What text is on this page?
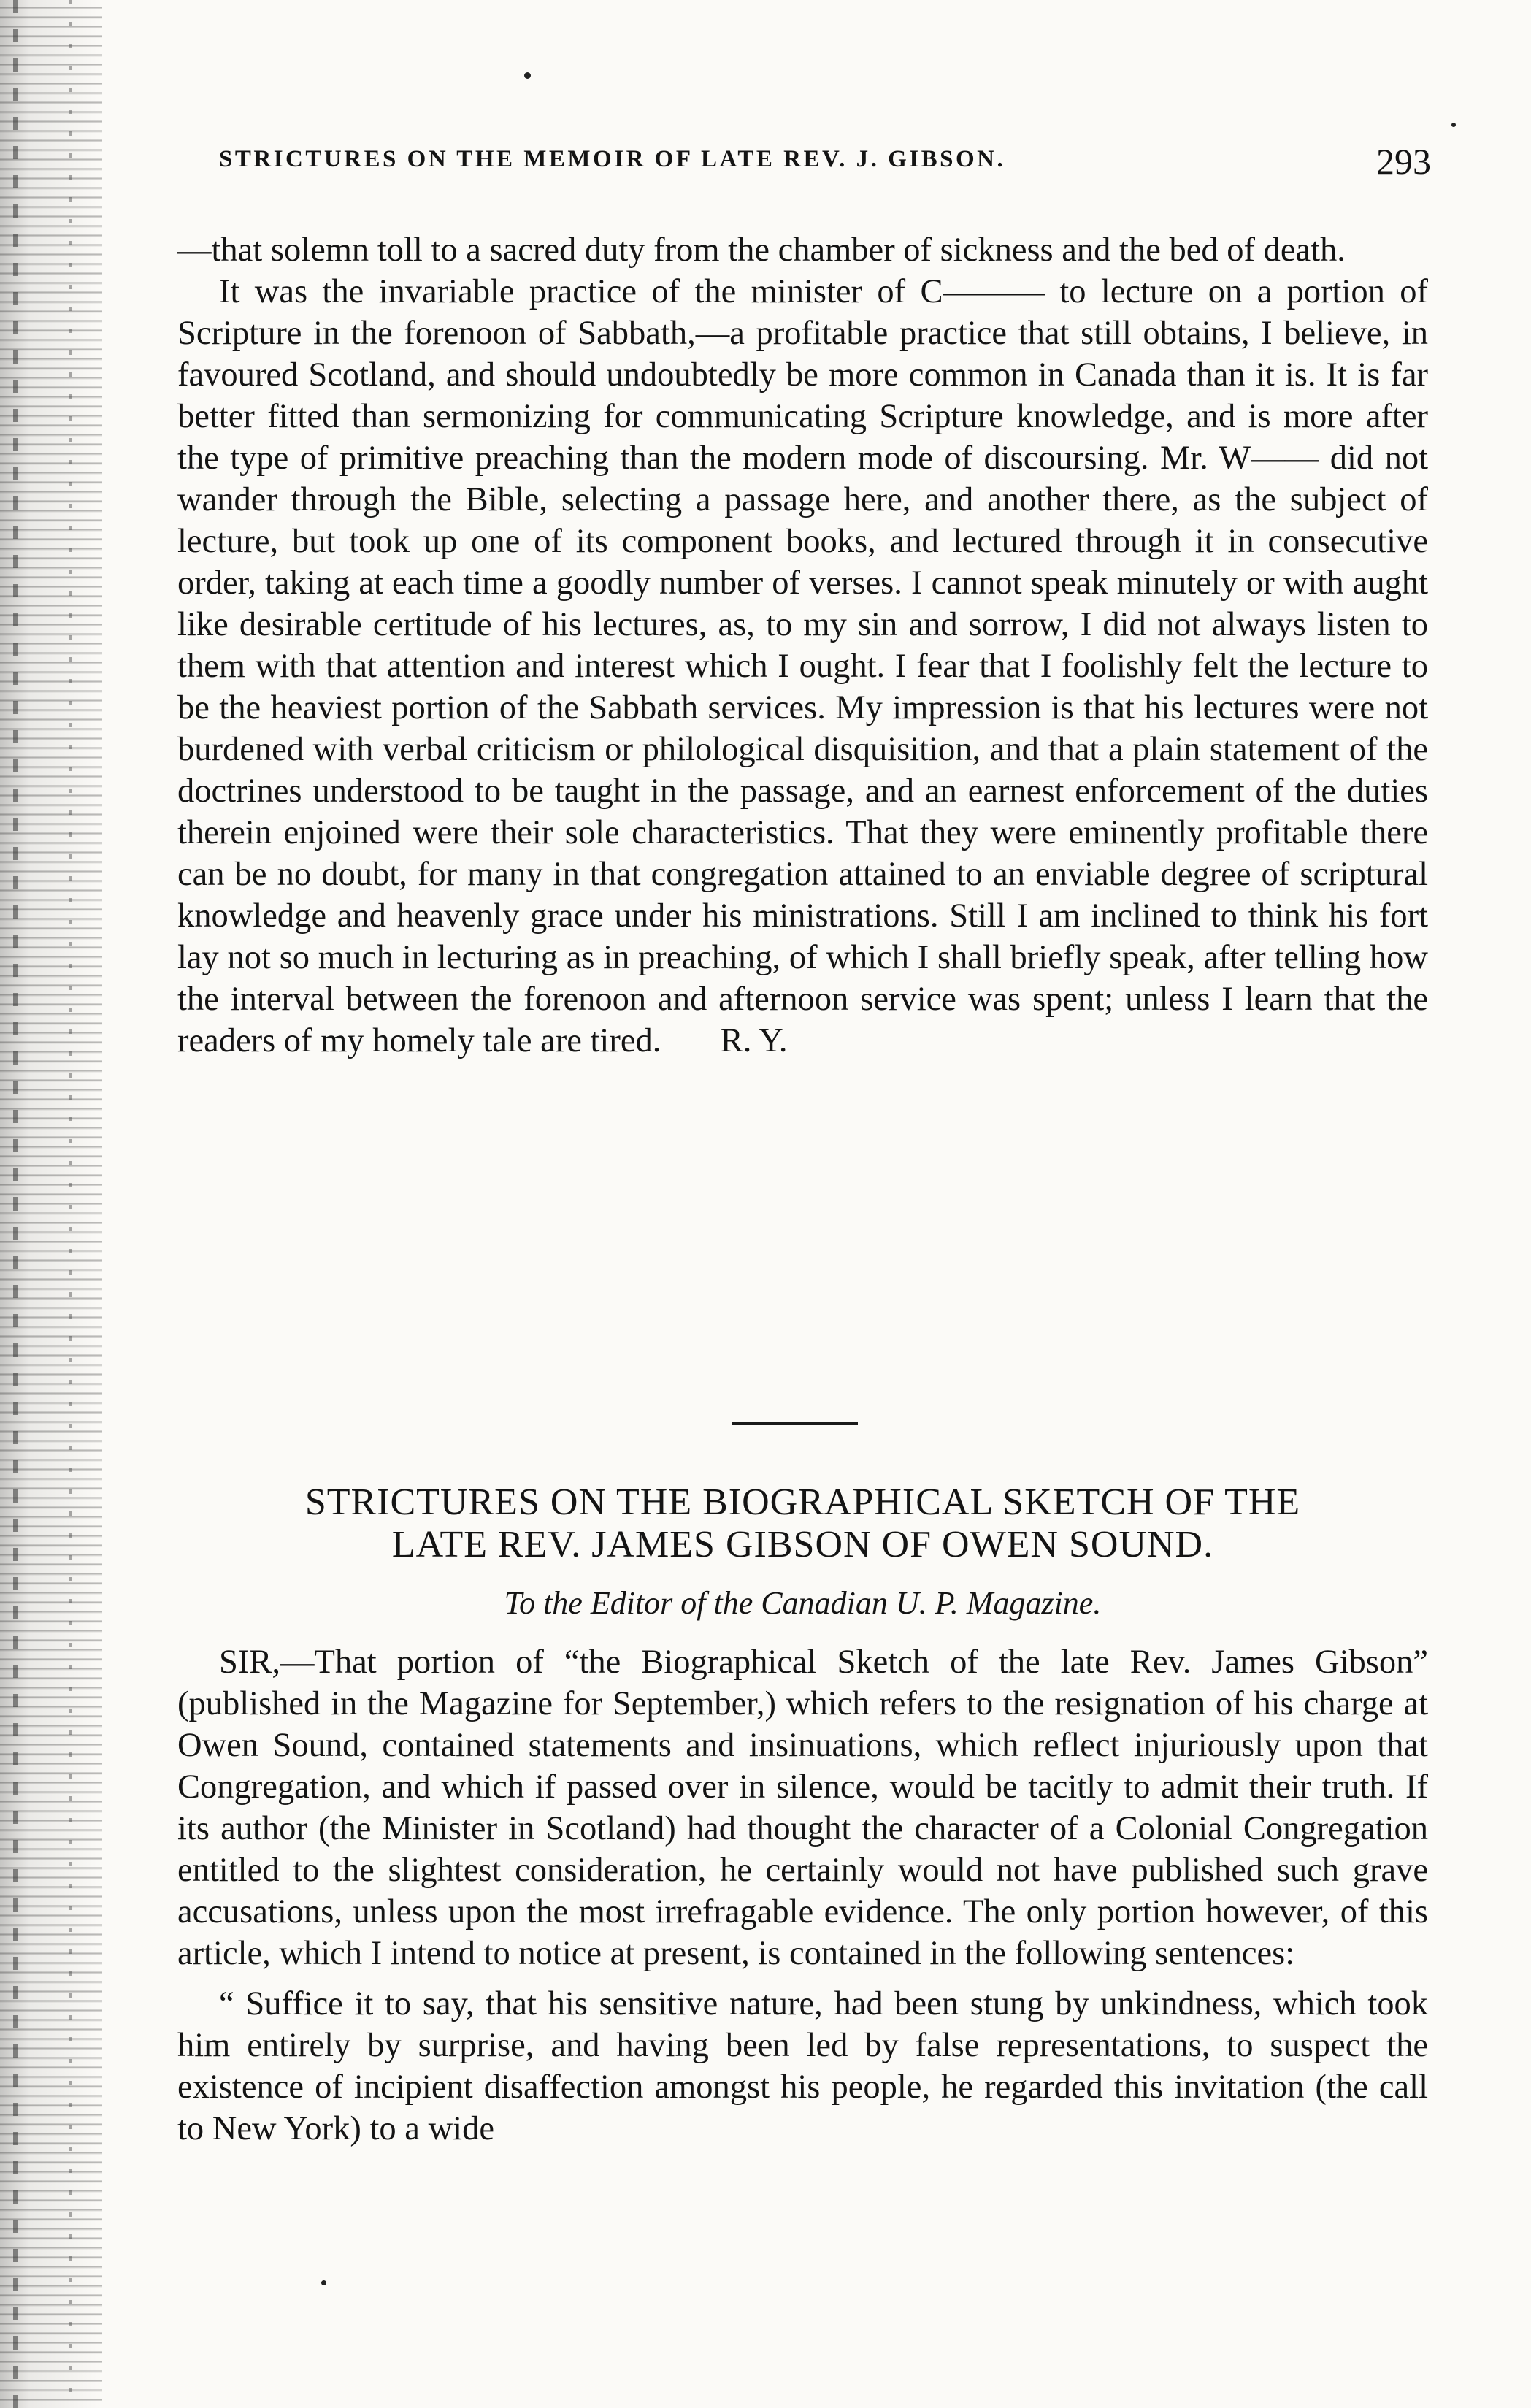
STRICTURES ON THE MEMOIR OF LATE REV. J. GIBSON.	293

—that solemn toll to a sacred duty from the chamber of sickness and the bed of death.

It was the invariable practice of the minister of C——— to lecture on a portion of Scripture in the forenoon of Sabbath,—a profitable practice that still obtains, I believe, in favoured Scotland, and should undoubtedly be more common in Canada than it is. It is far better fitted than sermonizing for communicating Scripture knowledge, and is more after the type of primitive preaching than the modern mode of discoursing. Mr. W—— did not wander through the Bible, selecting a passage here, and another there, as the subject of lecture, but took up one of its component books, and lectured through it in consecutive order, taking at each time a goodly number of verses. I cannot speak minutely or with aught like desirable certitude of his lectures, as, to my sin and sorrow, I did not always listen to them with that attention and interest which I ought. I fear that I foolishly felt the lecture to be the heaviest portion of the Sabbath services. My impression is that his lectures were not burdened with verbal criticism or philological disquisition, and that a plain statement of the doctrines understood to be taught in the passage, and an earnest enforcement of the duties therein enjoined were their sole characteristics. That they were eminently profitable there can be no doubt, for many in that congregation attained to an enviable degree of scriptural knowledge and heavenly grace under his ministrations. Still I am inclined to think his fort lay not so much in lecturing as in preaching, of which I shall briefly speak, after telling how the interval between the forenoon and afternoon service was spent; unless I learn that the readers of my homely tale are tired. R. Y.

STRICTURES ON THE BIOGRAPHICAL SKETCH OF THE

LATE REV. JAMES GIBSON OF OWEN SOUND.

To the Editor of the Canadian U. P. Magazine.

SIR,—That portion of “the Biographical Sketch of the late Rev. James Gibson” (published in the Magazine for September,) which refers to the resignation of his charge at Owen Sound, contained statements and insinuations, which reflect injuriously upon that Congregation, and which if passed over in silence, would be tacitly to admit their truth. If its author (the Minister in Scotland) had thought the character of a Colonial Congregation entitled to the slightest consideration, he certainly would not have published such grave accusations, unless upon the most irrefragable evidence. The only portion however, of this article, which I intend to notice at present, is contained in the following sentences:

“ Suffice it to say, that his sensitive nature, had been stung by unkindness, which took him entirely by surprise, and having been led by false representations, to suspect the existence of incipient disaffection amongst his people, he regarded this invitation (the call to New York) to a wide
